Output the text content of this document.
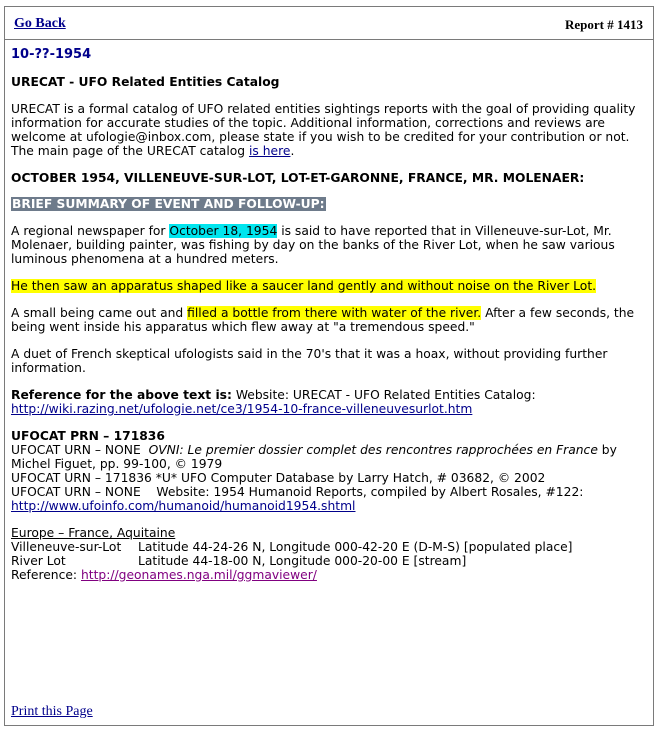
Go Back	Report # 1413

10-??-1954

URECAT - UFO Related Entities Catalog

URECAT is a formal catalog of UFO related entities sightings reports with the goal of providing quality information for accurate studies of the topic. Additional information, corrections and reviews are welcome at ufologie@inbox.com, please state if you wish to be credited for your contribution or not. The main page of the URECAT catalog is here.

OCTOBER 1954, VILLENEUVE-SUR-LOT, LOT-ET-GARONNE, FRANCE, MR. MOLENAER:

BRIEF SUMMARY OF EVENT AND FOLLOW-UP:

A regional newspaper for October 18, 1954 is said to have reported that in Villeneuve-sur-Lot, Mr. Molenaer, building painter, was fishing by day on the banks of the River Lot, when he saw various luminous phenomena at a hundred meters.

He then saw an apparatus shaped like a saucer land gently and without noise on the River Lot.

A small being came out and filled a bottle from there with water of the river. After a few seconds, the being went inside his apparatus which flew away at "a tremendous speed."

A duet of French skeptical ufologists said in the 70's that it was a hoax, without providing further information.

Reference for the above text is: Website: URECAT - UFO Related Entities Catalog:
http://wiki.razing.net/ufologie.net/ce3/1954-10-france-villeneuvesurlot.htm

UFOCAT PRN – 171836
UFOCAT URN – NONE  OVNI: Le premier dossier complet des rencontres rapprochées en France by Michel Figuet, pp. 99-100, © 1979
UFOCAT URN – 171836 *U* UFO Computer Database by Larry Hatch, # 03682, © 2002
UFOCAT URN – NONE    Website: 1954 Humanoid Reports, compiled by Albert Rosales, #122:
http://www.ufoinfo.com/humanoid/humanoid1954.shtml

Europe – France, Aquitaine
Villeneuve-sur-Lot Latitude 44-24-26 N, Longitude 000-42-20 E (D-M-S) [populated place]
River Lot	Latitude 44-18-00 N, Longitude 000-20-00 E [stream]
Reference: http://geonames.nga.mil/ggmaviewer/

Print this Page
